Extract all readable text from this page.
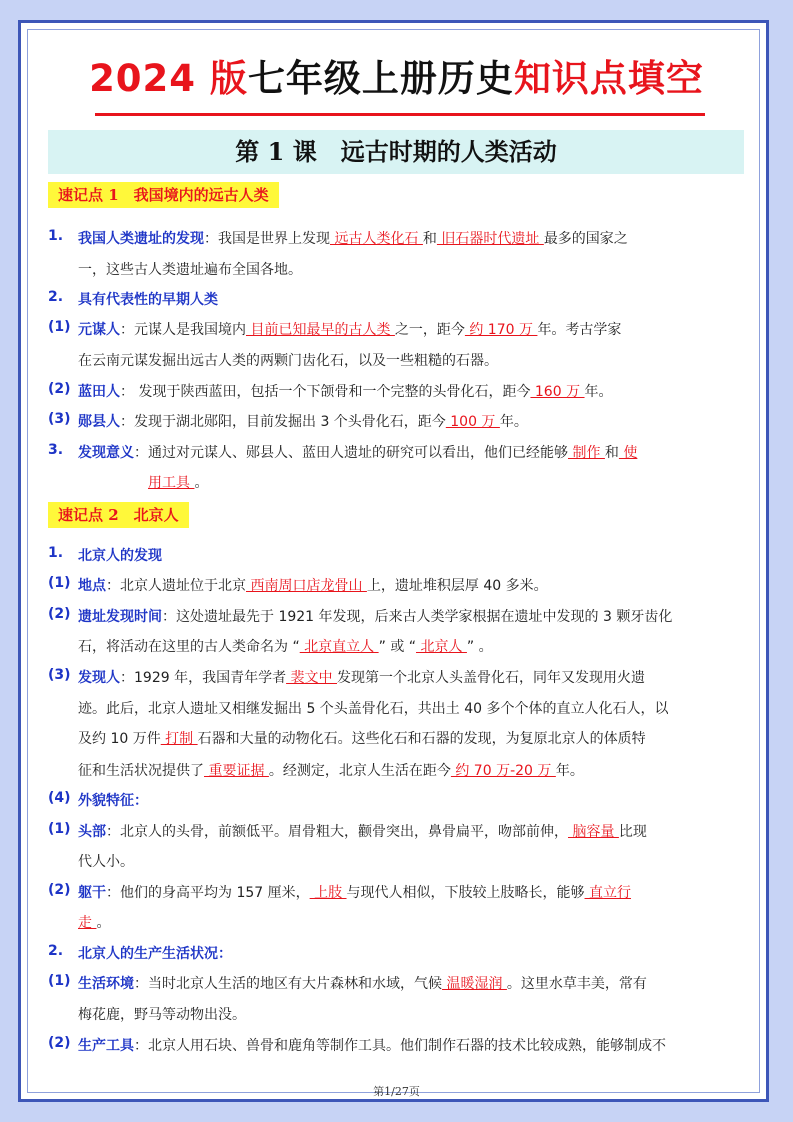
2024 版七年级上册历史知识点填空
第 1 课　远古时期的人类活动
速记点 1　我国境内的远古人类
速记点 2　北京人
1. 我国人类遗址的发现：我国是世界上发现 远古人类化石 和 旧石器时代遗址 最多的国家之
一，这些古人类遗址遍布全国各地。
2. 具有代表性的早期人类
(1) 元谋人：元谋人是我国境内 目前已知最早的古人类 之一，距今 约 170 万 年。考古学家
在云南元谋发掘出远古人类的两颗门齿化石，以及一些粗糙的石器。
(2) 蓝田人： 发现于陕西蓝田，包括一个下颌骨和一个完整的头骨化石，距今 160 万 年。
(3) 郧县人：发现于湖北郧阳，目前发掘出 3 个头骨化石，距今 100 万 年。
3. 发现意义：通过对元谋人、郧县人、蓝田人遗址的研究可以看出，他们已经能够 制作 和 使
用工具 。
1. 北京人的发现
(1) 地点：北京人遗址位于北京 西南周口店龙骨山 上，遗址堆积层厚 40 多米。
(2) 遗址发现时间：这处遗址最先于 1921 年发现，后来古人类学家根据在遗址中发现的 3 颗牙齿化
石，将活动在这里的古人类命名为 “ 北京直立人 ” 或 “ 北京人 ” 。
(3) 发现人：1929 年，我国青年学者 裴文中 发现第一个北京人头盖骨化石，同年又发现用火遗
迹。此后，北京人遗址又相继发掘出 5 个头盖骨化石，共出土 40 多个个体的直立人化石人，以
及约 10 万件 打制 石器和大量的动物化石。这些化石和石器的发现，为复原北京人的体质特
征和生活状况提供了 重要证据 。经测定，北京人生活在距今 约 70 万-20 万 年。
(4) 外貌特征：
(1) 头部：北京人的头骨，前额低平。眉骨粗大，颧骨突出，鼻骨扁平，吻部前伸， 脑容量 比现
代人小。
(2) 躯干：他们的身高平均为 157 厘米， 上肢 与现代人相似，下肢较上肢略长，能够 直立行
走 。
2. 北京人的生产生活状况：
(1) 生活环境：当时北京人生活的地区有大片森林和水域，气候 温暖湿润 。这里水草丰美，常有
梅花鹿，野马等动物出没。
(2) 生产工具：北京人用石块、兽骨和鹿角等制作工具。他们制作石器的技术比较成熟，能够制成不
第1/27页
